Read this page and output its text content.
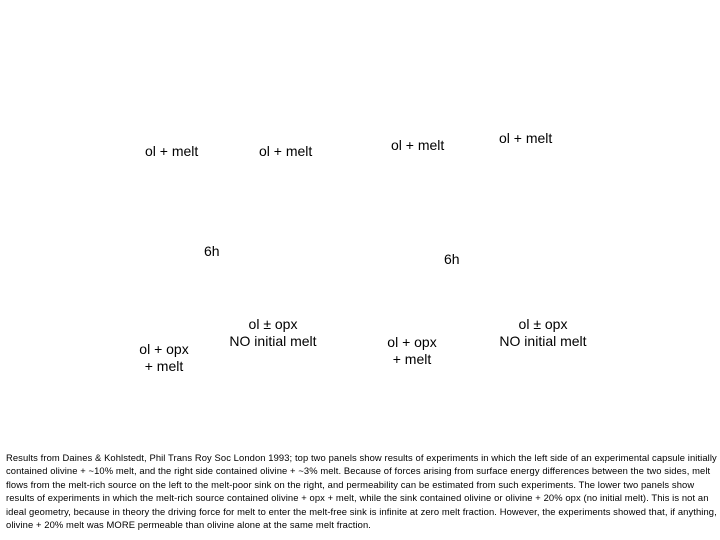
ol + melt	ol + melt
6h
ol + melt	ol + melt
6h
ol + opx
+ melt
ol ± opx
NO initial melt	ol + opx
+ melt
ol ± opx
NO initial melt
Results from Daines & Kohlstedt, Phil Trans Roy Soc London 1993; top two panels show results of experiments in which the left side of an experimental capsule initially contained olivine + ~10% melt, and the right side contained olivine + ~3% melt. Because of forces arising from surface energy differences between the two sides, melt flows from the melt-rich source on the left to the melt-poor sink on the right, and permeability can be estimated from such experiments. The lower two panels show results of experiments in which the melt-rich source contained olivine + opx + melt, while the sink contained olivine or olivine + 20% opx (no initial melt). This is not an ideal geometry, because in theory the driving force for melt to enter the melt-free sink is infinite at zero melt fraction. However, the experiments showed that, if anything, olivine + 20% melt was MORE permeable than olivine alone at the same melt fraction.
